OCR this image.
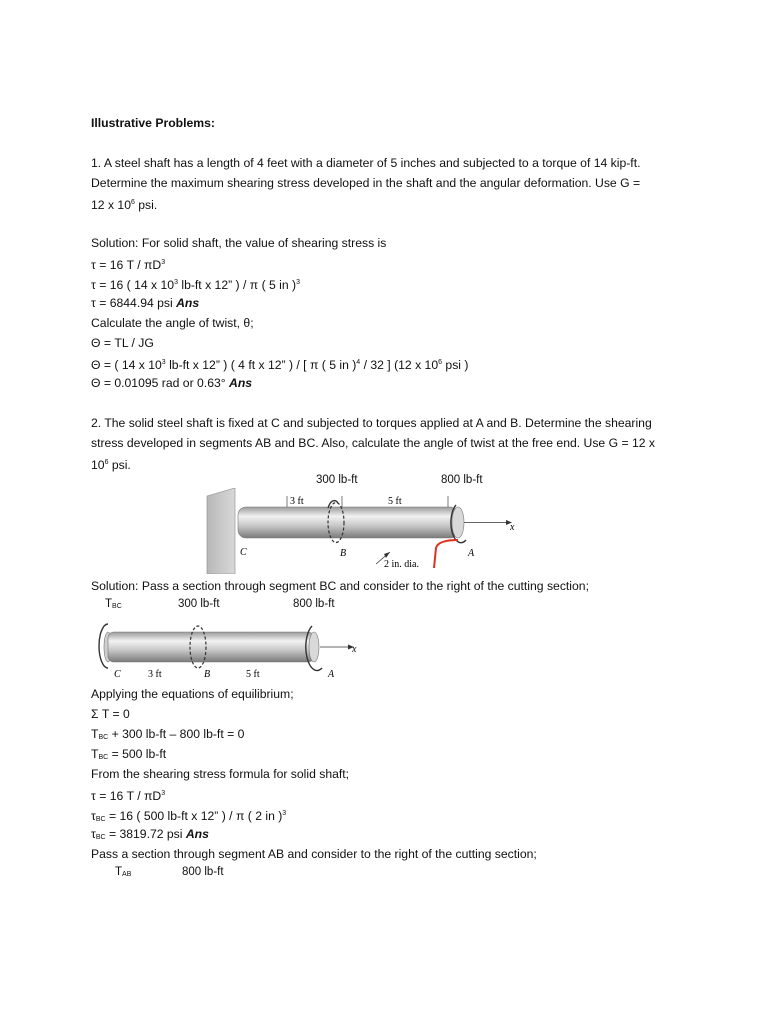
Illustrative Problems:
1. A steel shaft has a length of 4 feet with a diameter of 5 inches and subjected to a torque of 14 kip-ft.
Determine the maximum shearing stress developed in the shaft and the angular deformation. Use G =
12 x $10^6$ psi.
Solution: For solid shaft, the value of shearing stress is
τ = 16 T / $\pi D^3$
τ = 16 ( 14 x $10^3$ lb-ft x 12” ) / π ( 5 in )$^3$
τ = 6844.94 psi Ans
Calculate the angle of twist, θ;
Θ = TL / JG
Θ = ( 14 x $10^3$ lb-ft x 12” ) ( 4 ft x 12” ) / [ π ( 5 in )$^4$ / 32 ] (12 x $10^6$ psi )
Θ = 0.01095 rad or 0.63° Ans
2. The solid steel shaft is fixed at C and subjected to torques applied at A and B. Determine the shearing
stress developed in segments AB and BC. Also, calculate the angle of twist at the free end. Use G = 12 x
$10^6$ psi.
300 lb-ft	800 lb-ft
3 ft	5 ft
C	B	A
2 in. dia.
x
Solution: Pass a section through segment BC and consider to the right of the cutting section;
TBC	300 lb-ft	800 lb-ft
C	3 ft	B	5 ft	A
x
Applying the equations of equilibrium;
Σ T = 0
TBC + 300 lb-ft – 800 lb-ft = 0
TBC = 500 lb-ft
From the shearing stress formula for solid shaft;
τ = 16 T / $\pi D^3$
τBC = 16 ( 500 lb-ft x 12” ) / π ( 2 in )$^3$
τBC = 3819.72 psi Ans
Pass a section through segment AB and consider to the right of the cutting section;
TAB	800 lb-ft
